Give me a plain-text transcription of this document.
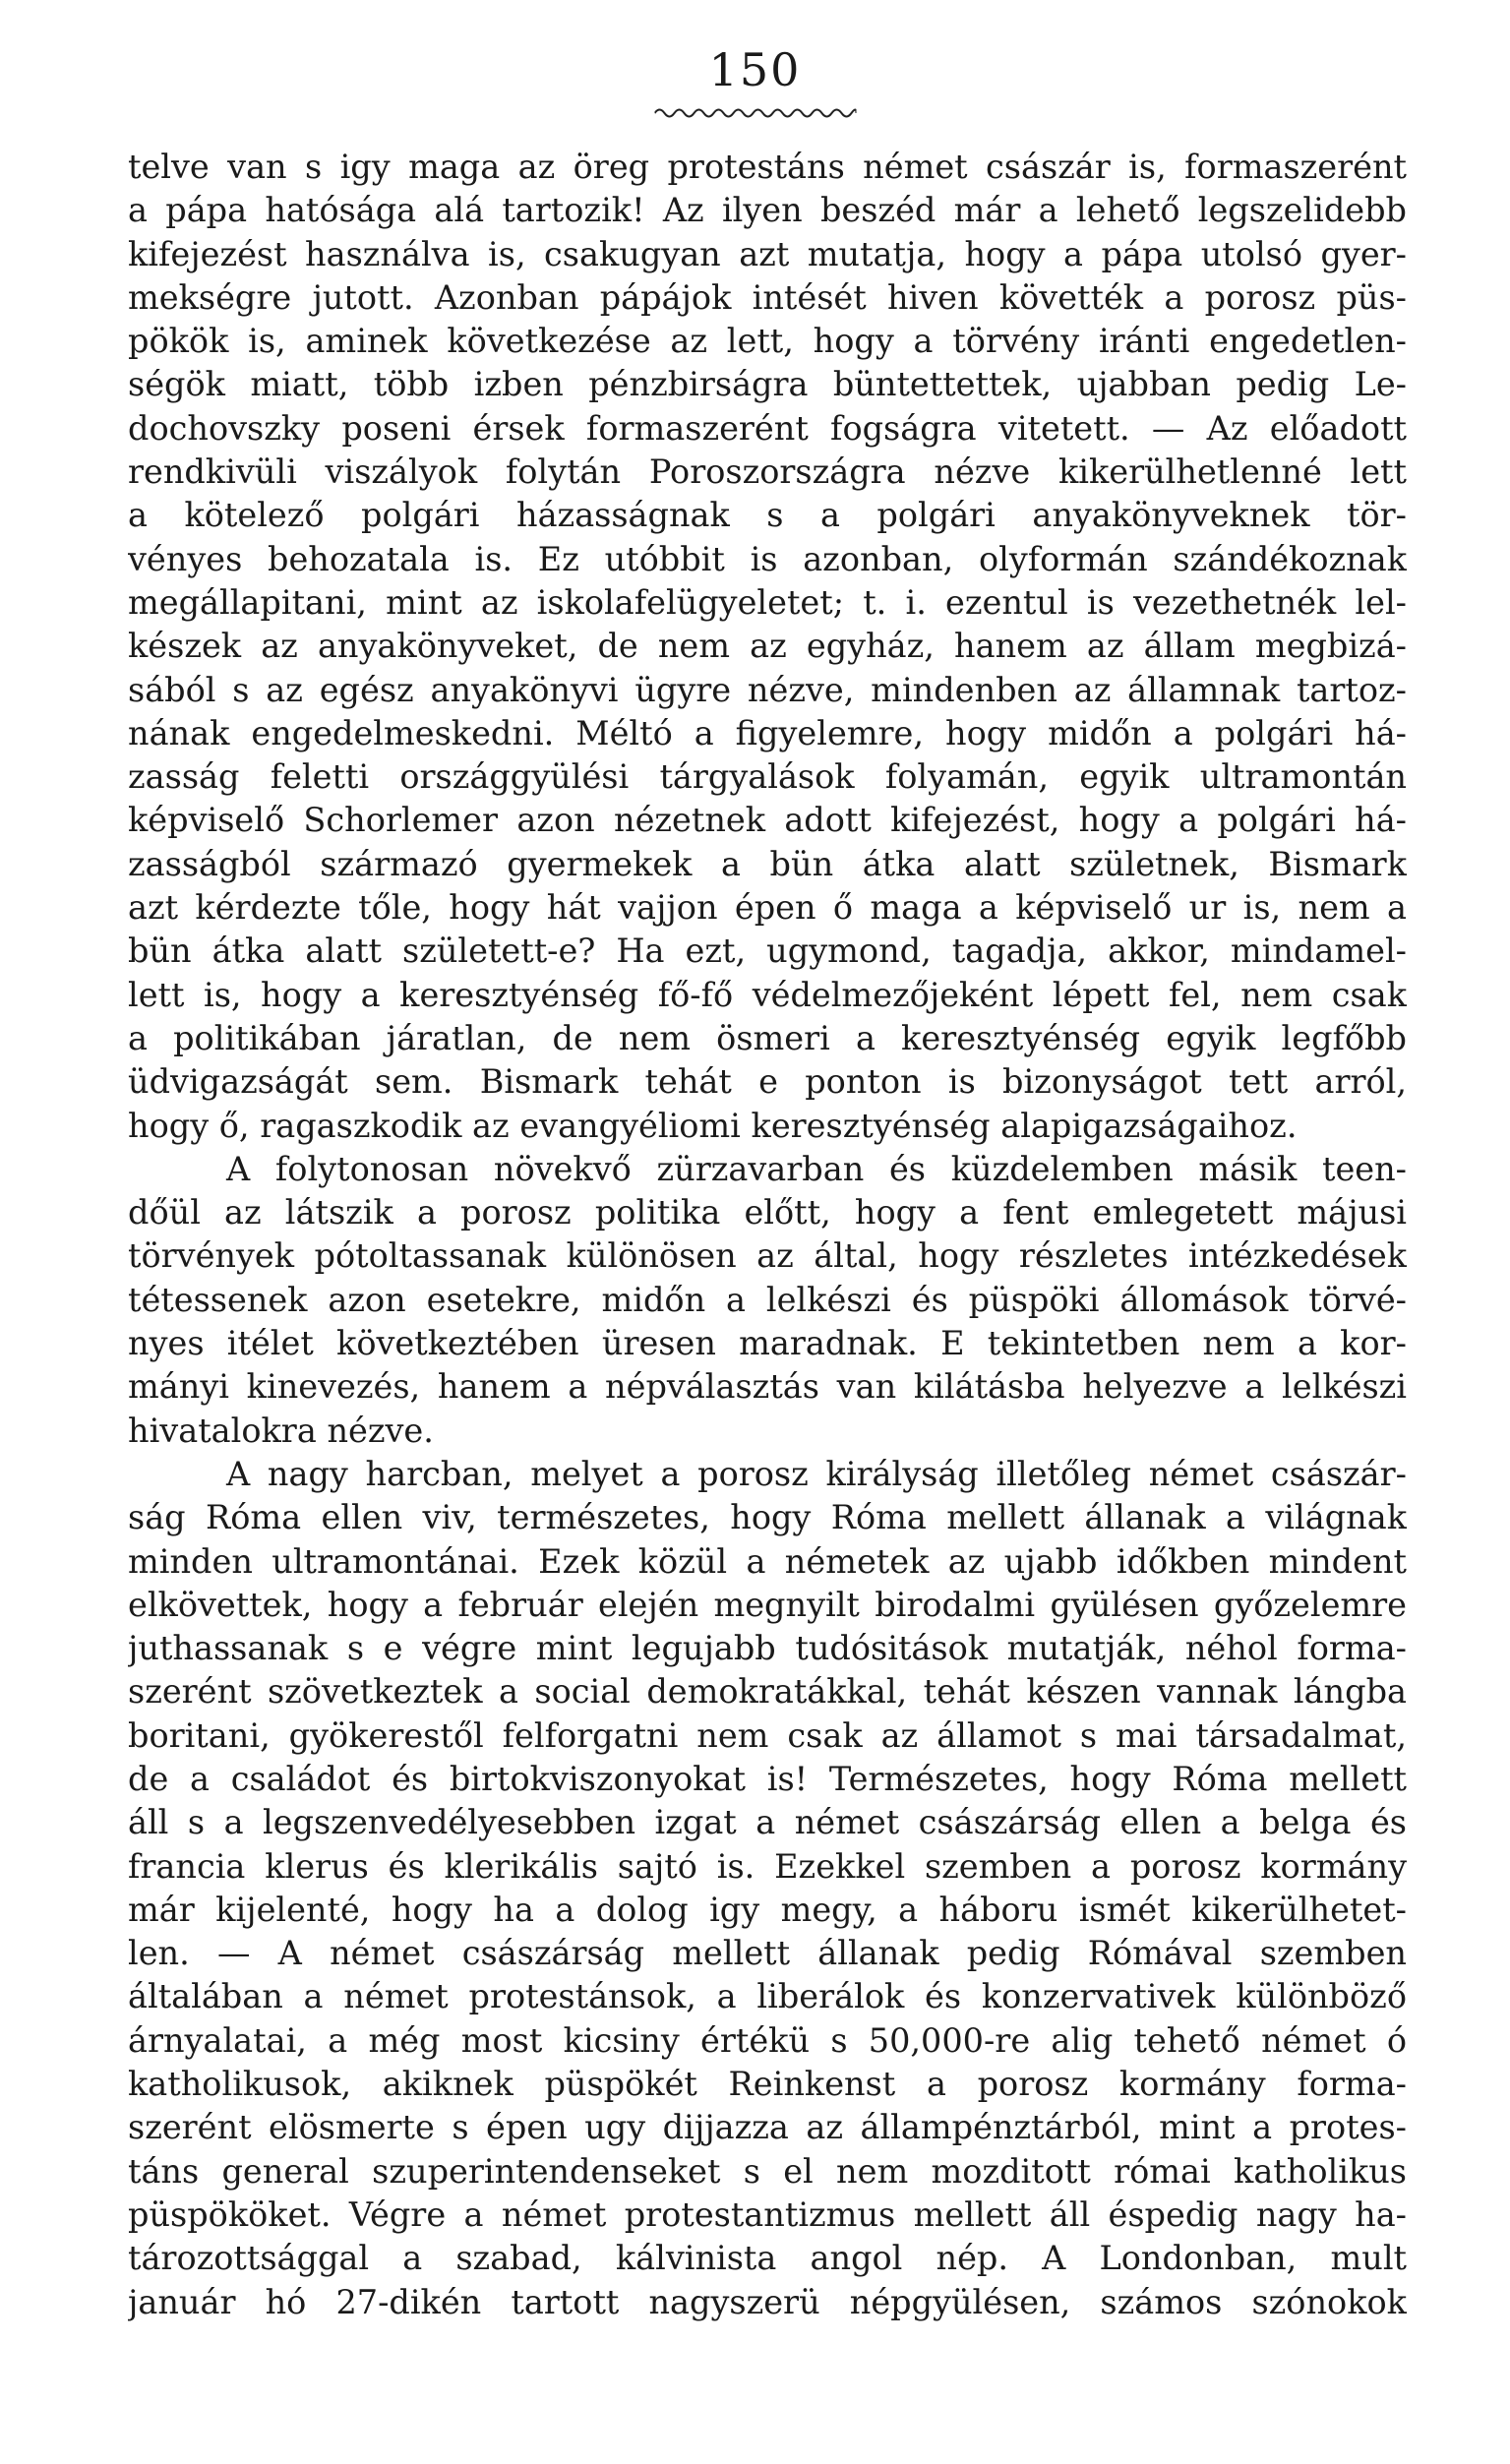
150
telve van s igy maga az öreg protestáns német császár is, formaszerént
a pápa hatósága alá tartozik! Az ilyen beszéd már a lehető legszelidebb
kifejezést használva is, csakugyan azt mutatja, hogy a pápa utolsó gyer-
mekségre jutott. Azonban pápájok intését hiven követték a porosz püs-
pökök is, aminek következése az lett, hogy a törvény iránti engedetlen-
ségök miatt, több izben pénzbirságra büntettettek, ujabban pedig Le-
dochovszky poseni érsek formaszerént fogságra vitetett. — Az előadott
rendkivüli viszályok folytán Poroszországra nézve kikerülhetlenné lett
a kötelező polgári házasságnak s a polgári anyakönyveknek tör-
vényes behozatala is. Ez utóbbit is azonban, olyformán szándékoznak
megállapitani, mint az iskolafelügyeletet; t. i. ezentul is vezethetnék lel-
készek az anyakönyveket, de nem az egyház, hanem az állam megbizá-
sából s az egész anyakönyvi ügyre nézve, mindenben az államnak tartoz-
nának engedelmeskedni. Méltó a figyelemre, hogy midőn a polgári há-
zasság feletti országgyülési tárgyalások folyamán, egyik ultramontán
képviselő Schorlemer azon nézetnek adott kifejezést, hogy a polgári há-
zasságból származó gyermekek a bün átka alatt születnek, Bismark
azt kérdezte tőle, hogy hát vajjon épen ő maga a képviselő ur is, nem a
bün átka alatt született-e? Ha ezt, ugymond, tagadja, akkor, mindamel-
lett is, hogy a keresztyénség fő-fő védelmezőjeként lépett fel, nem csak
a politikában járatlan, de nem ösmeri a keresztyénség egyik legfőbb
üdvigazságát sem. Bismark tehát e ponton is bizonyságot tett arról,
hogy ő, ragaszkodik az evangyéliomi keresztyénség alapigazságaihoz.
A folytonosan növekvő zürzavarban és küzdelemben másik teen-
dőül az látszik a porosz politika előtt, hogy a fent emlegetett májusi
törvények pótoltassanak különösen az által, hogy részletes intézkedések
tétessenek azon esetekre, midőn a lelkészi és püspöki állomások törvé-
nyes itélet következtében üresen maradnak. E tekintetben nem a kor-
mányi kinevezés, hanem a népválasztás van kilátásba helyezve a lelkészi
hivatalokra nézve.
A nagy harcban, melyet a porosz királyság illetőleg német császár-
ság Róma ellen viv, természetes, hogy Róma mellett állanak a világnak
minden ultramontánai. Ezek közül a németek az ujabb időkben mindent
elkövettek, hogy a február elején megnyilt birodalmi gyülésen győzelemre
juthassanak s e végre mint legujabb tudósitások mutatják, néhol forma-
szerént szövetkeztek a social demokratákkal, tehát készen vannak lángba
boritani, gyökerestől felforgatni nem csak az államot s mai társadalmat,
de a családot és birtokviszonyokat is! Természetes, hogy Róma mellett
áll s a legszenvedélyesebben izgat a német császárság ellen a belga és
francia klerus és klerikális sajtó is. Ezekkel szemben a porosz kormány
már kijelenté, hogy ha a dolog igy megy, a háboru ismét kikerülhetet-
len. — A német császárság mellett állanak pedig Rómával szemben
általában a német protestánsok, a liberálok és konzervativek különböző
árnyalatai, a még most kicsiny értékü s 50,000-re alig tehető német ó
katholikusok, akiknek püspökét Reinkenst a porosz kormány forma-
szerént elösmerte s épen ugy dijjazza az állampénztárból, mint a protes-
táns general szuperintendenseket s el nem mozditott római katholikus
püspököket. Végre a német protestantizmus mellett áll éspedig nagy ha-
tározottsággal a szabad, kálvinista angol nép. A Londonban, mult
január hó 27-dikén tartott nagyszerü népgyülésen, számos szónokok
